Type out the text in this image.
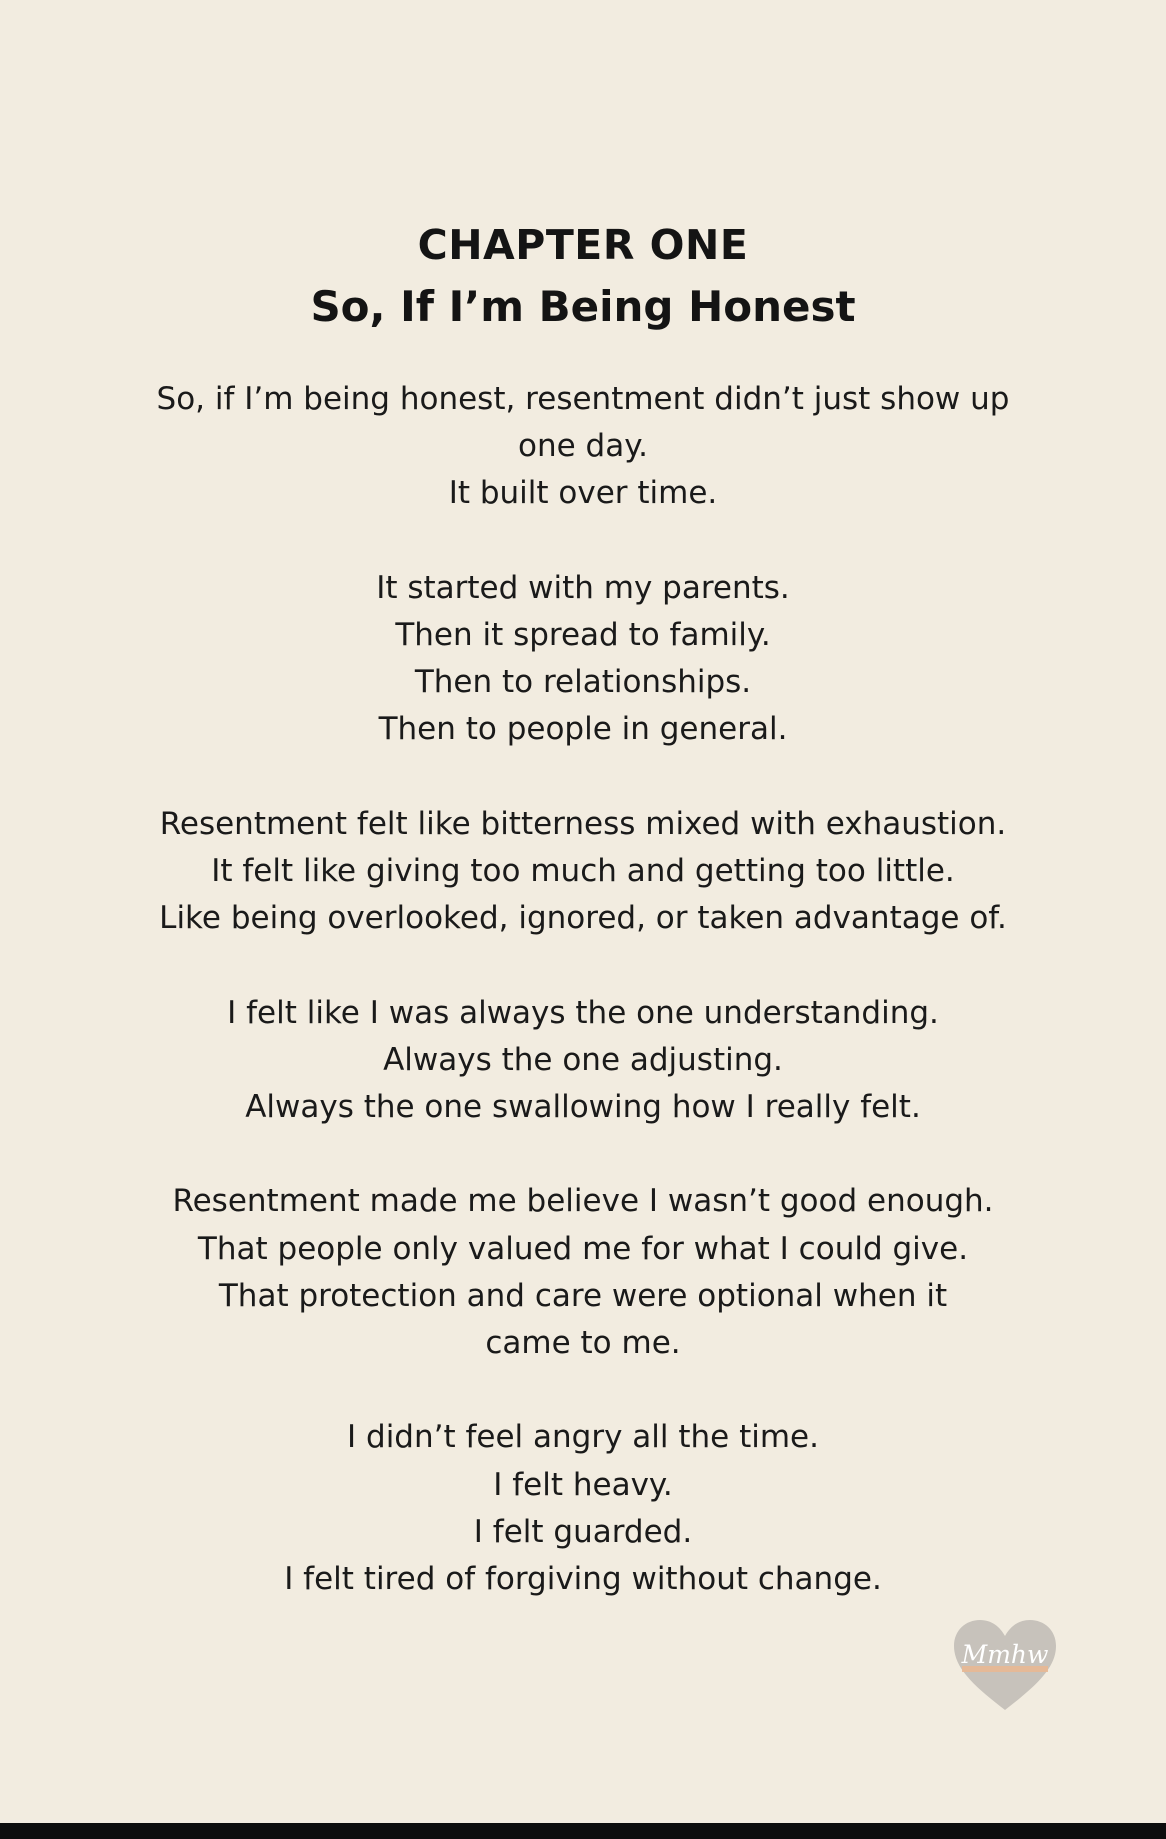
CHAPTER ONE
So, If I’m Being Honest
So, if I’m being honest, resentment didn’t just show up
one day.
It built over time.
It started with my parents.
Then it spread to family.
Then to relationships.
Then to people in general.
Resentment felt like bitterness mixed with exhaustion.
It felt like giving too much and getting too little.
Like being overlooked, ignored, or taken advantage of.
I felt like I was always the one understanding.
Always the one adjusting.
Always the one swallowing how I really felt.
Resentment made me believe I wasn’t good enough.
That people only valued me for what I could give.
That protection and care were optional when it
came to me.
I didn’t feel angry all the time.
I felt heavy.
I felt guarded.
I felt tired of forgiving without change.
Mmhw
